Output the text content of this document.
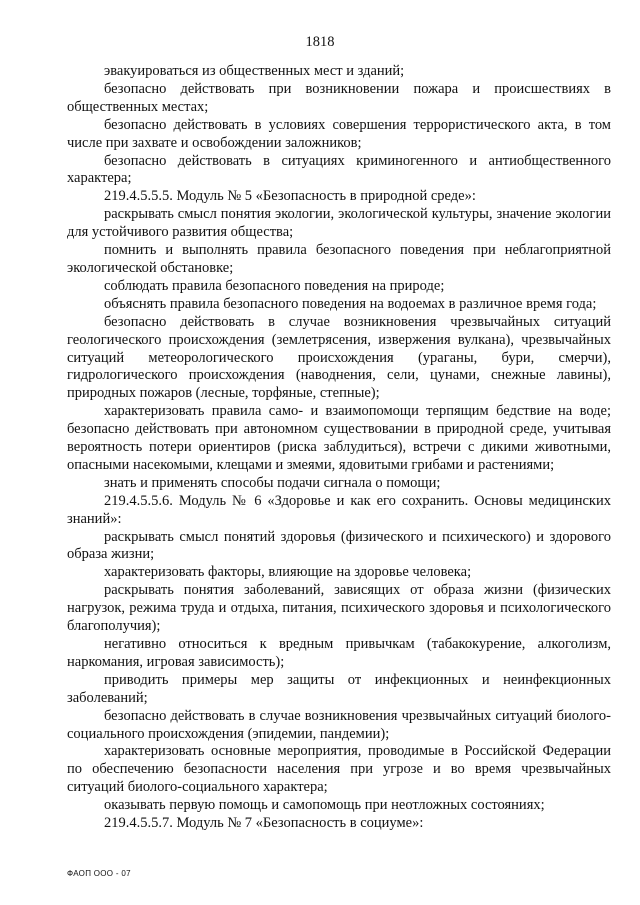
1818

эвакуироваться из общественных мест и зданий;

безопасно действовать при возникновении пожара и происшествиях в общественных местах;

безопасно действовать в условиях совершения террористического акта, в том числе при захвате и освобождении заложников;

безопасно действовать в ситуациях криминогенного и антиобщественного характера;

219.4.5.5.5. Модуль № 5 «Безопасность в природной среде»:

раскрывать смысл понятия экологии, экологической культуры, значение экологии для устойчивого развития общества;

помнить и выполнять правила безопасного поведения при неблагоприятной экологической обстановке;

соблюдать правила безопасного поведения на природе;

объяснять правила безопасного поведения на водоемах в различное время года;

безопасно действовать в случае возникновения чрезвычайных ситуаций геологического происхождения (землетрясения, извержения вулкана), чрезвычайных ситуаций метеорологического происхождения (ураганы, бури, смерчи), гидрологического происхождения (наводнения, сели, цунами, снежные лавины), природных пожаров (лесные, торфяные, степные);

характеризовать правила само- и взаимопомощи терпящим бедствие на воде; безопасно действовать при автономном существовании в природной среде, учитывая вероятность потери ориентиров (риска заблудиться), встречи с дикими животными, опасными насекомыми, клещами и змеями, ядовитыми грибами и растениями;

знать и применять способы подачи сигнала о помощи;

219.4.5.5.6. Модуль № 6 «Здоровье и как его сохранить. Основы медицинских знаний»:

раскрывать смысл понятий здоровья (физического и психического) и здорового образа жизни;

характеризовать факторы, влияющие на здоровье человека;

раскрывать понятия заболеваний, зависящих от образа жизни (физических нагрузок, режима труда и отдыха, питания, психического здоровья и психологического благополучия);

негативно относиться к вредным привычкам (табакокурение, алкоголизм, наркомания, игровая зависимость);

приводить примеры мер защиты от инфекционных и неинфекционных заболеваний;

безопасно действовать в случае возникновения чрезвычайных ситуаций биолого-социального происхождения (эпидемии, пандемии);

характеризовать основные мероприятия, проводимые в Российской Федерации по обеспечению безопасности населения при угрозе и во время чрезвычайных ситуаций биолого-социального характера;

оказывать первую помощь и самопомощь при неотложных состояниях;

219.4.5.5.7. Модуль № 7 «Безопасность в социуме»:

ФАОП ООО - 07
